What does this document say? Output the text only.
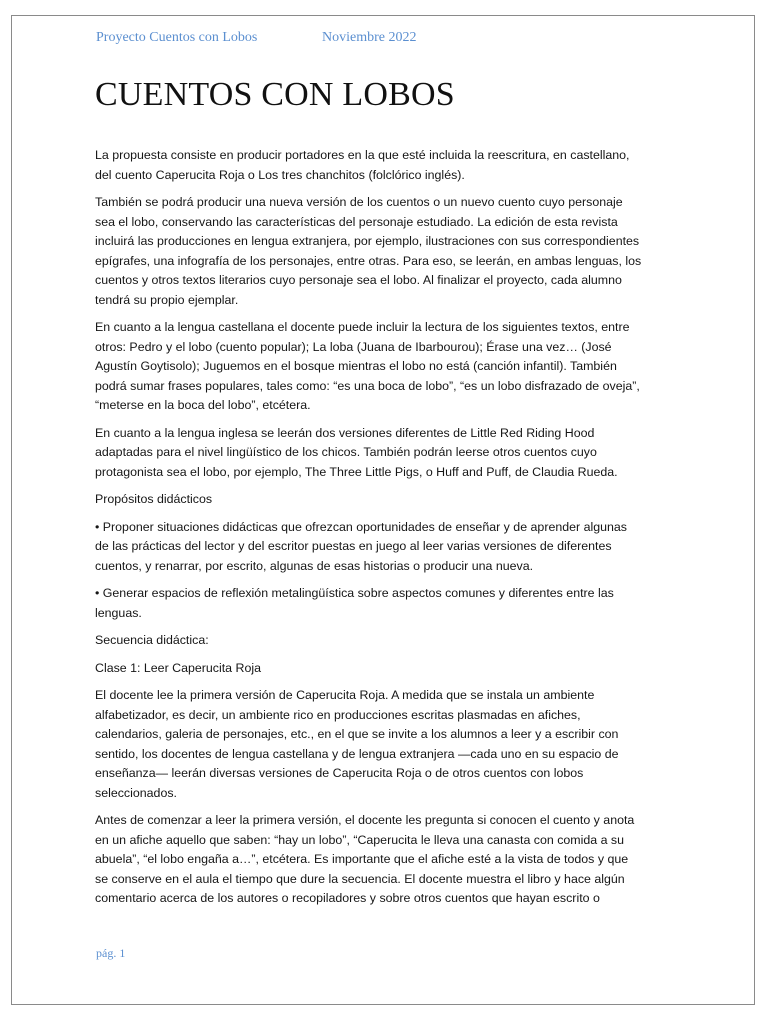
Proyecto Cuentos con Lobos	Noviembre 2022
CUENTOS CON LOBOS

La propuesta consiste en producir portadores en la que esté incluida la reescritura, en castellano, del cuento Caperucita Roja o Los tres chanchitos (folclórico inglés).

También se podrá producir una nueva versión de los cuentos o un nuevo cuento cuyo personaje sea el lobo, conservando las características del personaje estudiado. La edición de esta revista incluirá las producciones en lengua extranjera, por ejemplo, ilustraciones con sus correspondientes epígrafes, una infografía de los personajes, entre otras. Para eso, se leerán, en ambas lenguas, los cuentos y otros textos literarios cuyo personaje sea el lobo. Al finalizar el proyecto, cada alumno tendrá su propio ejemplar.

En cuanto a la lengua castellana el docente puede incluir la lectura de los siguientes textos, entre otros: Pedro y el lobo (cuento popular); La loba (Juana de Ibarbourou); Érase una vez… (José Agustín Goytisolo); Juguemos en el bosque mientras el lobo no está (canción infantil). También podrá sumar frases populares, tales como: “es una boca de lobo”, “es un lobo disfrazado de oveja”, “meterse en la boca del lobo”, etcétera.

En cuanto a la lengua inglesa se leerán dos versiones diferentes de Little Red Riding Hood adaptadas para el nivel lingüístico de los chicos. También podrán leerse otros cuentos cuyo protagonista sea el lobo, por ejemplo, The Three Little Pigs, o Huff and Puff, de Claudia Rueda.

Propósitos didácticos

• Proponer situaciones didácticas que ofrezcan oportunidades de enseñar y de aprender algunas de las prácticas del lector y del escritor puestas en juego al leer varias versiones de diferentes cuentos, y renarrar, por escrito, algunas de esas historias o producir una nueva.

• Generar espacios de reflexión metalingüística sobre aspectos comunes y diferentes entre las lenguas.

Secuencia didáctica:

Clase 1: Leer Caperucita Roja

El docente lee la primera versión de Caperucita Roja. A medida que se instala un ambiente alfabetizador, es decir, un ambiente rico en producciones escritas plasmadas en afiches, calendarios, galeria de personajes, etc., en el que se invite a los alumnos a leer y a escribir con sentido, los docentes de lengua castellana y de lengua extranjera —cada uno en su espacio de enseñanza— leerán diversas versiones de Caperucita Roja o de otros cuentos con lobos seleccionados.

Antes de comenzar a leer la primera versión, el docente les pregunta si conocen el cuento y anota en un afiche aquello que saben: “hay un lobo”, “Caperucita le lleva una canasta con comida a su abuela”, “el lobo engaña a…”, etcétera. Es importante que el afiche esté a la vista de todos y que se conserve en el aula el tiempo que dure la secuencia. El docente muestra el libro y hace algún comentario acerca de los autores o recopiladores y sobre otros cuentos que hayan escrito o

pág. 1
